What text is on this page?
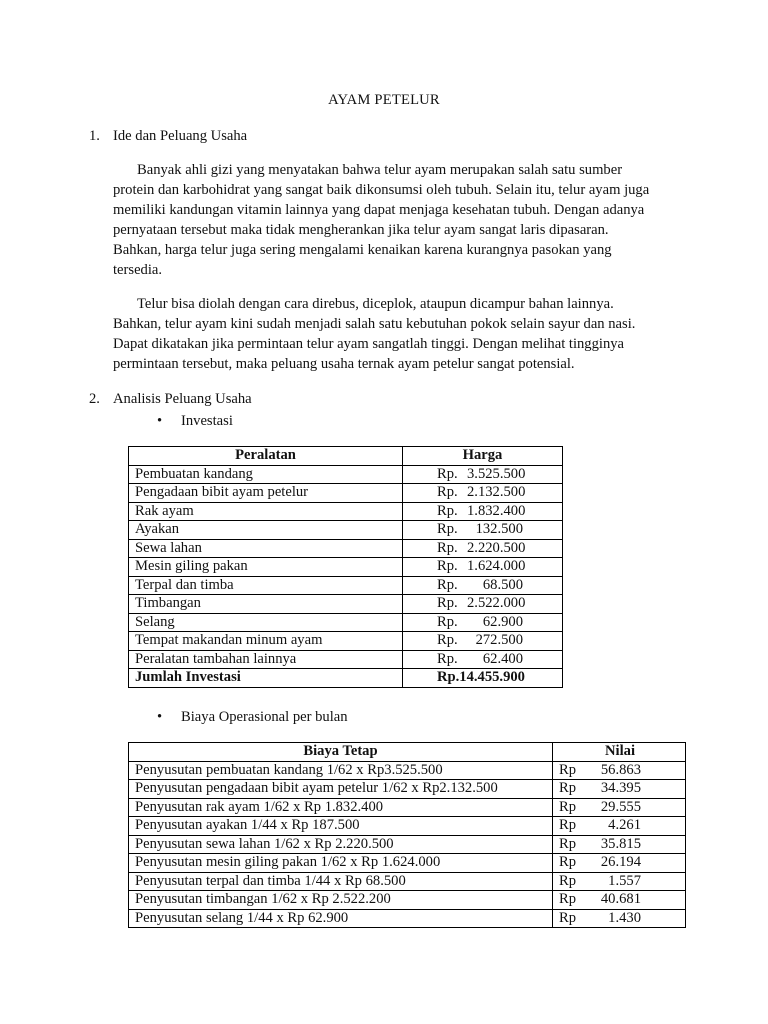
AYAM PETELUR
1. Ide dan Peluang Usaha
Banyak ahli gizi yang menyatakan bahwa telur ayam merupakan salah satu sumber protein dan karbohidrat yang sangat baik dikonsumsi oleh tubuh. Selain itu, telur ayam juga memiliki kandungan vitamin lainnya yang dapat menjaga kesehatan tubuh. Dengan adanya pernyataan tersebut maka tidak mengherankan jika telur ayam sangat laris dipasaran. Bahkan, harga telur juga sering mengalami kenaikan karena kurangnya pasokan yang tersedia.
Telur bisa diolah dengan cara direbus, diceplok, ataupun dicampur bahan lainnya. Bahkan, telur ayam kini sudah menjadi salah satu kebutuhan pokok selain sayur dan nasi. Dapat dikatakan jika permintaan telur ayam sangatlah tinggi. Dengan melihat tingginya permintaan tersebut, maka peluang usaha ternak ayam petelur sangat potensial.
2. Analisis Peluang Usaha
• Investasi
Peralatan	Harga
Pembuatan kandang	Rp. 3.525.500
Pengadaan bibit ayam petelur	Rp. 2.132.500
Rak ayam	Rp. 1.832.400
Ayakan	Rp. 132.500
Sewa lahan	Rp. 2.220.500
Mesin giling pakan	Rp. 1.624.000
Terpal dan timba	Rp. 68.500
Timbangan	Rp. 2.522.000
Selang	Rp. 62.900
Tempat makandan minum ayam	Rp. 272.500
Peralatan tambahan lainnya	Rp. 62.400
Jumlah Investasi	Rp.14.455.900
• Biaya Operasional per bulan
Biaya Tetap	Nilai	
Penyusutan pembuatan kandang 1/62 x Rp3.525.500	Rp	56.863
Penyusutan pengadaan bibit ayam petelur 1/62 x Rp2.132.500	Rp	34.395
Penyusutan rak ayam 1/62 x Rp 1.832.400	Rp	29.555
Penyusutan ayakan 1/44 x Rp 187.500	Rp	4.261
Penyusutan sewa lahan 1/62 x Rp 2.220.500	Rp	35.815
Penyusutan mesin giling pakan 1/62 x Rp 1.624.000	Rp	26.194
Penyusutan terpal dan timba 1/44 x Rp 68.500	Rp	1.557
Penyusutan timbangan 1/62 x Rp 2.522.200	Rp	40.681
Penyusutan selang 1/44 x Rp 62.900	Rp	1.430
